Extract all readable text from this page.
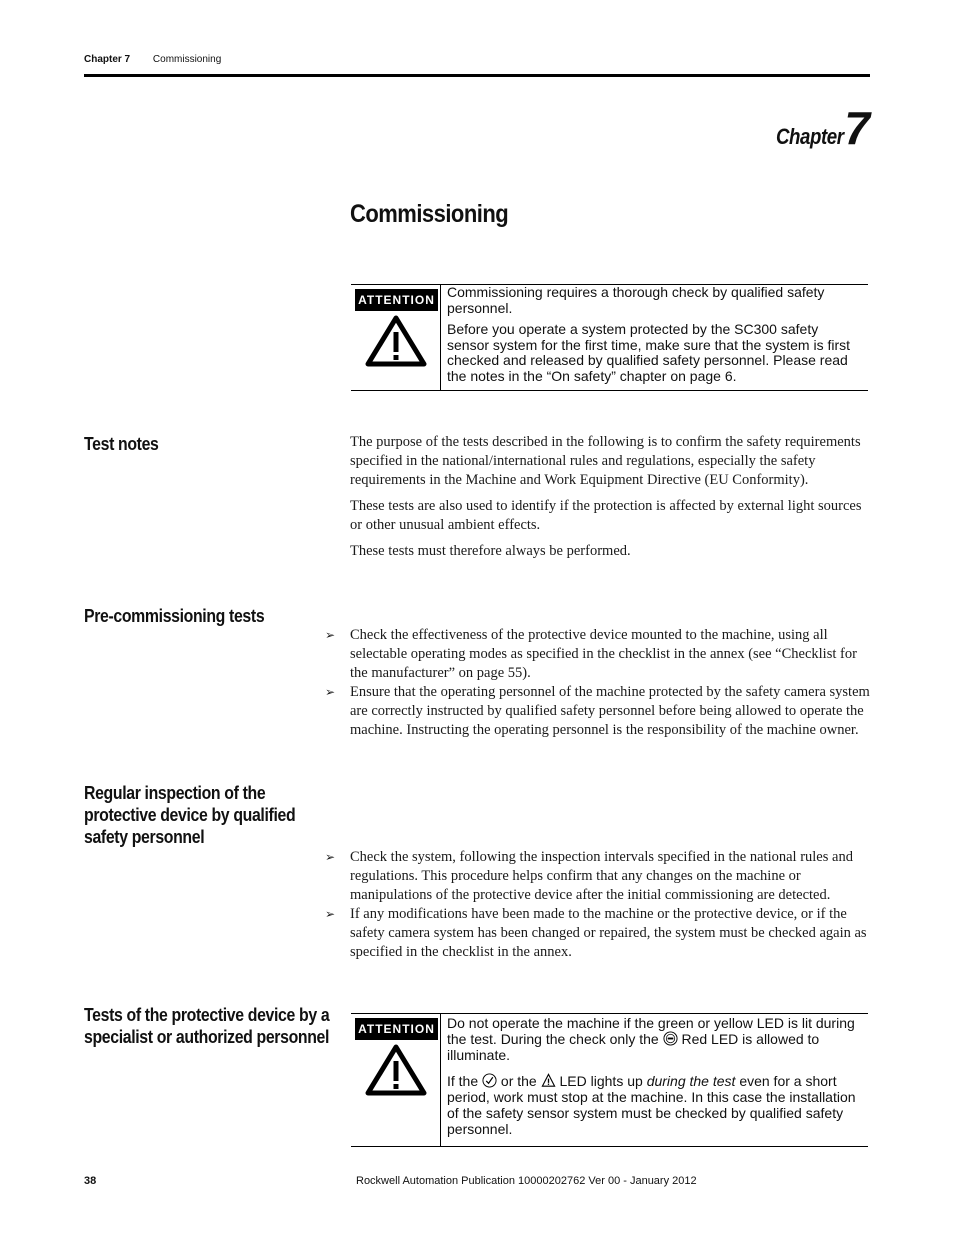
Chapter 7 Commissioning
Chapter 7
Commissioning
ATTENTION Commissioning requires a thorough check by qualified safety personnel.

Before you operate a system protected by the SC300 safety sensor system for the first time, make sure that the system is first checked and released by qualified safety personnel. Please read the notes in the “On safety” chapter on page 6.

Test notes	The purpose of the tests described in the following is to confirm the safety requirements specified in the national/international rules and regulations, especially the safety requirements in the Machine and Work Equipment Directive (EU Conformity).

These tests are also used to identify if the protection is affected by external light sources or other unusual ambient effects.

These tests must therefore always be performed.

Pre-commissioning tests
➢	Check the effectiveness of the protective device mounted to the machine, using all selectable operating modes as specified in the checklist in the annex (see “Checklist for the manufacturer” on page 55).
➢	Ensure that the operating personnel of the machine protected by the safety camera system are correctly instructed by qualified safety personnel before being allowed to operate the machine. Instructing the operating personnel is the responsibility of the machine owner.
Regular inspection of the protective device by qualified safety personnel
➢	Check the system, following the inspection intervals specified in the national rules and regulations. This procedure helps confirm that any changes on the machine or manipulations of the protective device after the initial commissioning are detected.
➢	If any modifications have been made to the machine or the protective device, or if the safety camera system has been changed or repaired, the system must be checked again as specified in the checklist in the annex.
Tests of the protective device by a specialist or authorized personnel	ATTENTION Do not operate the machine if the green or yellow LED is lit during the test. During the check only the Red LED is allowed to illuminate.

If the or the LED lights up during the test even for a short period, work must stop at the machine. In this case the installation of the safety sensor system must be checked by qualified safety personnel.

38	Rockwell Automation Publication 10000202762 Ver 00 - January 2012
